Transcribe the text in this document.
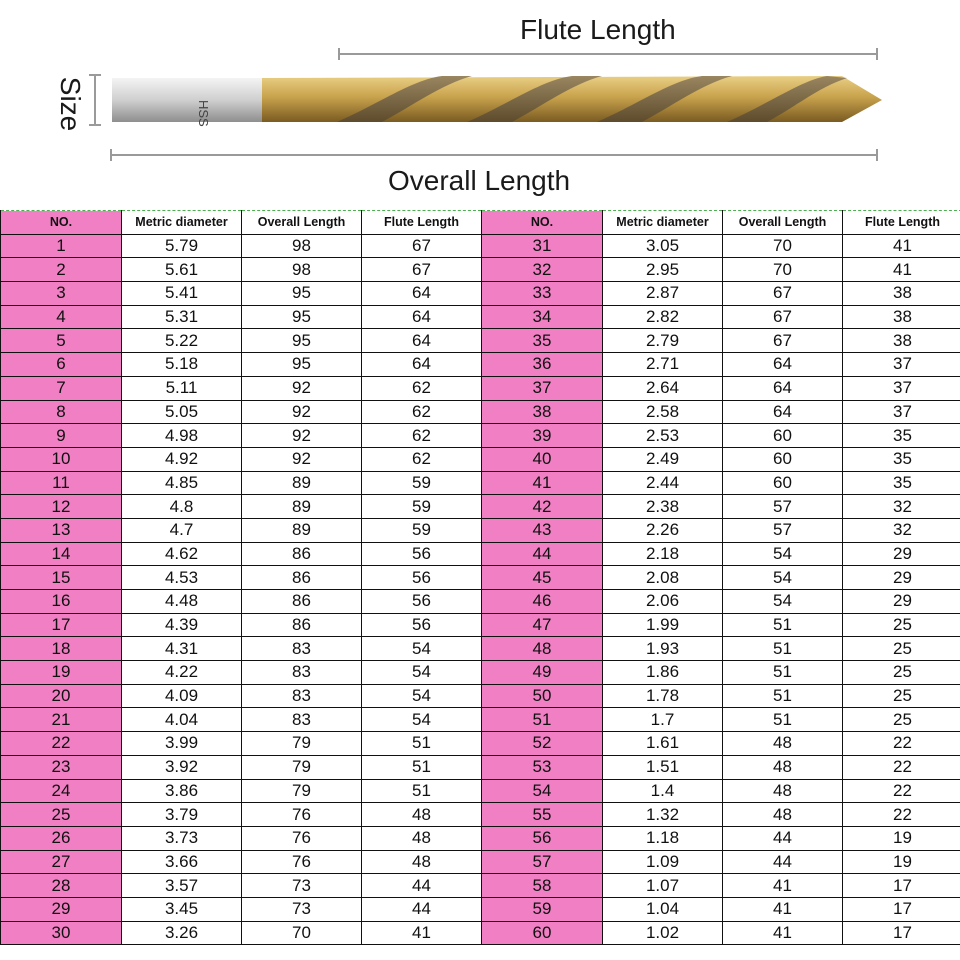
Flute Length
Size	HSS
Overall Length
NO.	Metric diameter	Overall Length	Flute Length	NO.	Metric diameter	Overall Length	Flute Length
1	5.79	98	67	31	3.05	70	41
2	5.61	98	67	32	2.95	70	41
3	5.41	95	64	33	2.87	67	38
4	5.31	95	64	34	2.82	67	38
5	5.22	95	64	35	2.79	67	38
6	5.18	95	64	36	2.71	64	37
7	5.11	92	62	37	2.64	64	37
8	5.05	92	62	38	2.58	64	37
9	4.98	92	62	39	2.53	60	35
10	4.92	92	62	40	2.49	60	35
11	4.85	89	59	41	2.44	60	35
12	4.8	89	59	42	2.38	57	32
13	4.7	89	59	43	2.26	57	32
14	4.62	86	56	44	2.18	54	29
15	4.53	86	56	45	2.08	54	29
16	4.48	86	56	46	2.06	54	29
17	4.39	86	56	47	1.99	51	25
18	4.31	83	54	48	1.93	51	25
19	4.22	83	54	49	1.86	51	25
20	4.09	83	54	50	1.78	51	25
21	4.04	83	54	51	1.7	51	25
22	3.99	79	51	52	1.61	48	22
23	3.92	79	51	53	1.51	48	22
24	3.86	79	51	54	1.4	48	22
25	3.79	76	48	55	1.32	48	22
26	3.73	76	48	56	1.18	44	19
27	3.66	76	48	57	1.09	44	19
28	3.57	73	44	58	1.07	41	17
29	3.45	73	44	59	1.04	41	17
30	3.26	70	41	60	1.02	41	17
